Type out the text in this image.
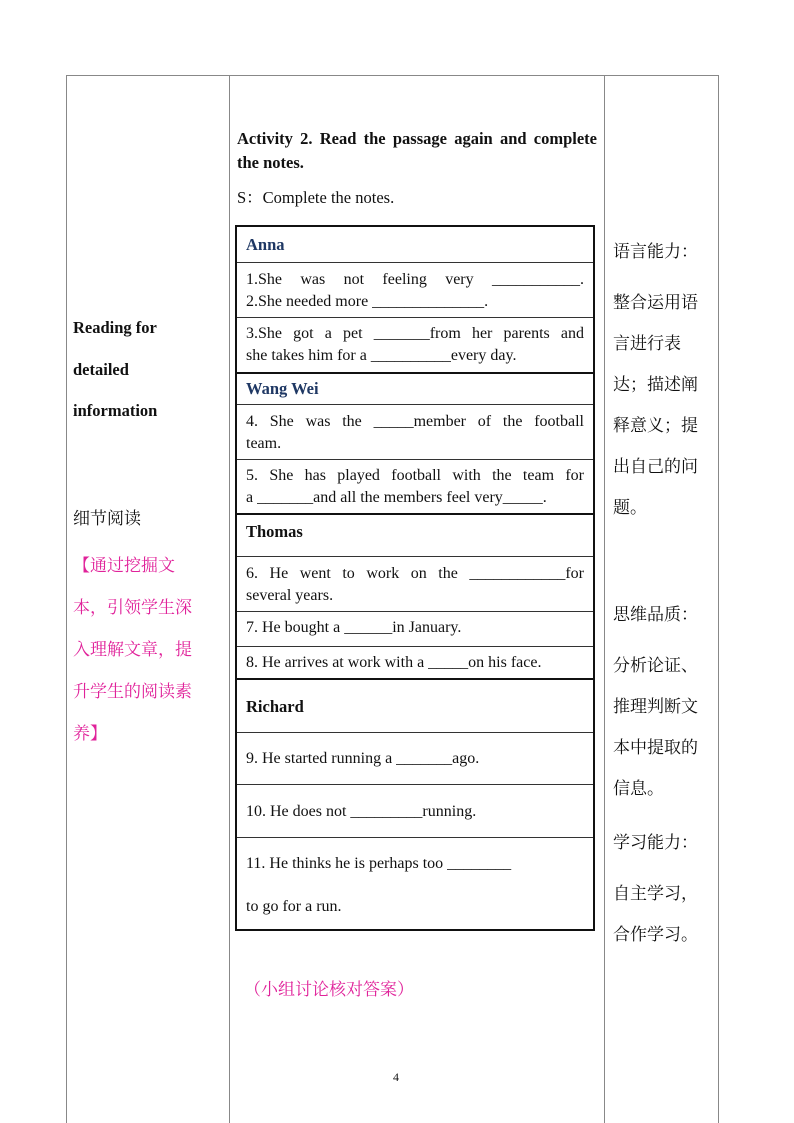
Reading for
detailed
information
细节阅读
【通过挖掘文
本，引领学生深
入理解文章，提
升学生的阅读素
养】
Activity 2. Read the passage again and complete the notes.
S：Complete the notes.
Anna
1.She was not feeling very ___________.
2.She needed more ______________.
3.She got a pet _______from her parents and
she takes him for a __________every day.
Wang Wei
4. She was the _____member of the football
team.
5. She has played football with the team for
a _______and all the members feel very_____.
Thomas
6. He went to work on the ____________for
several years.
7. He bought a ______in January.
8. He arrives at work with a _____on his face.
Richard
9. He started running a _______ago.
10. He does not _________running.
11. He thinks he is perhaps too ________
to go for a run.
（小组讨论核对答案）
4
语言能力：
整合运用语
言进行表
达；描述阐
释意义；提
出自己的问
题。
思维品质：
分析论证、
推理判断文
本中提取的
信息。
学习能力：
自主学习，
合作学习。
